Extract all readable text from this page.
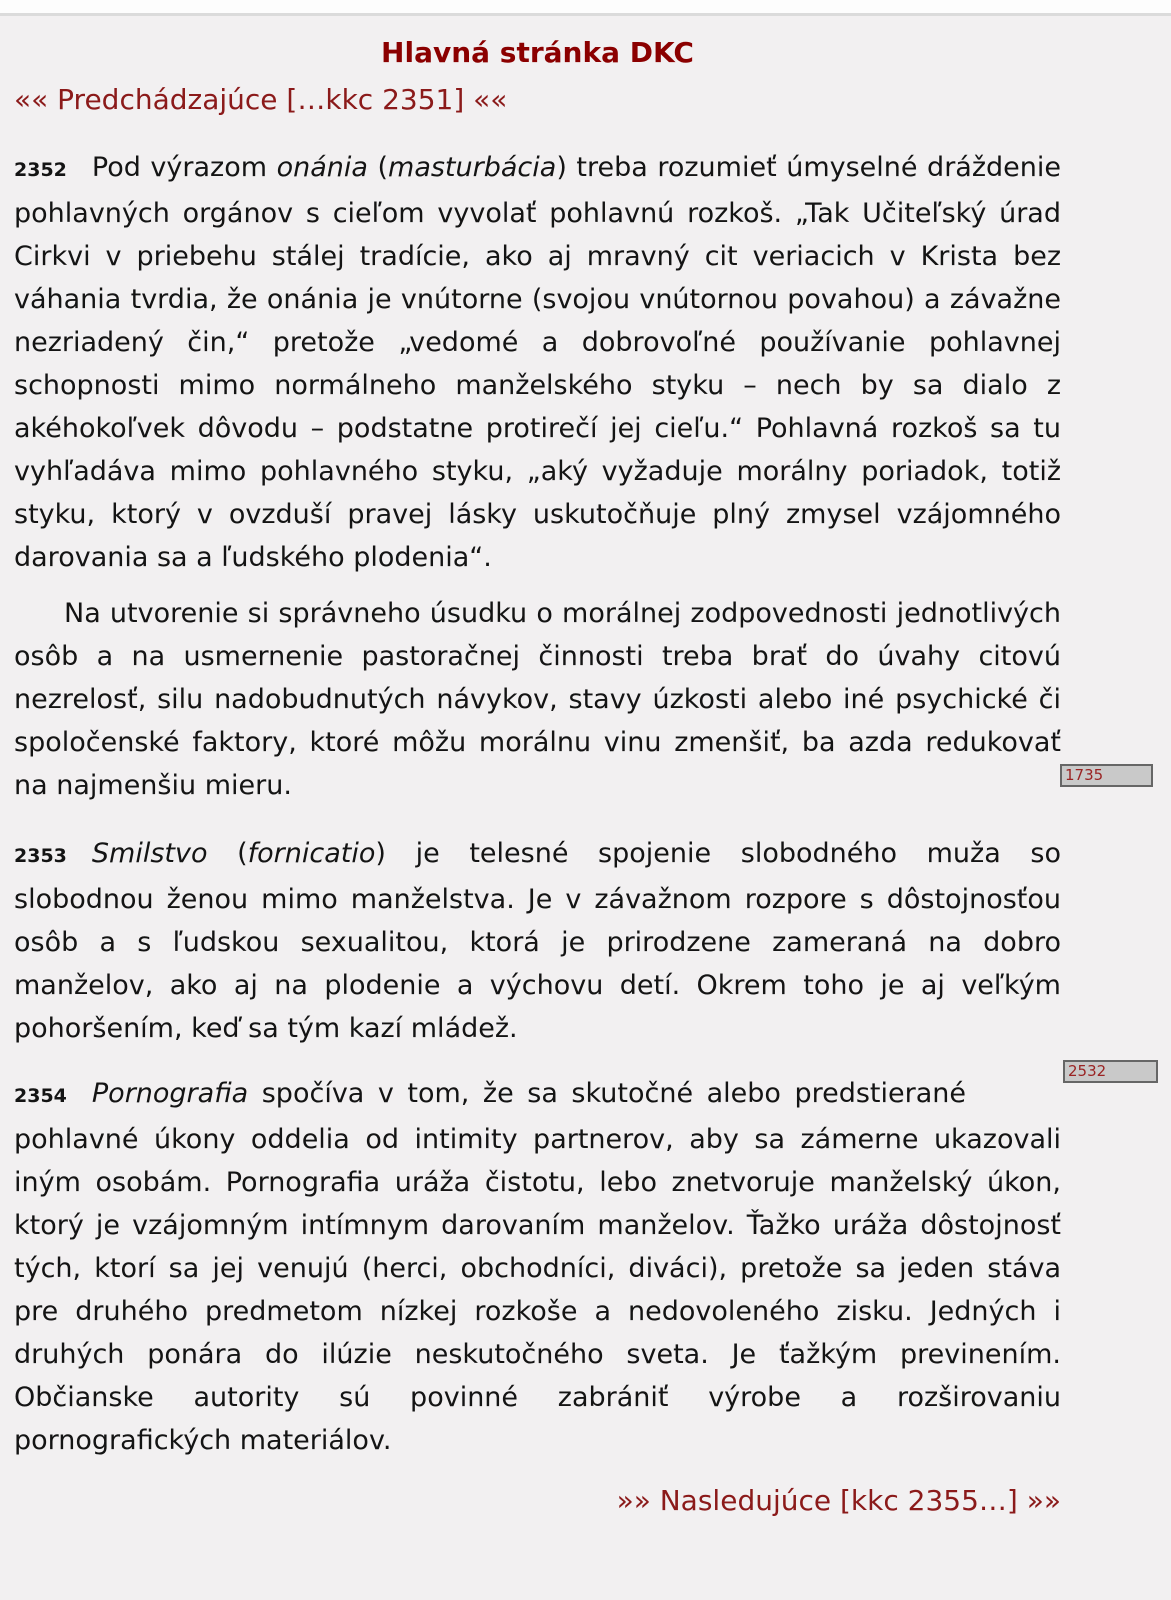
Hlavná stránka DKC
«« Predchádzajúce […kkc 2351] ««

2352 Pod výrazom onánia (masturbácia) treba rozumieť úmyselné dráždenie pohlavných orgánov s cieľom vyvolať pohlavnú rozkoš. „Tak Učiteľský úrad Cirkvi v priebehu stálej tradície, ako aj mravný cit veriacich v Krista bez váhania tvrdia, že onánia je vnútorne (svojou vnútornou povahou) a závažne nezriadený čin,“ pretože „vedomé a dobrovoľné používanie pohlavnej schopnosti mimo normálneho manželského styku – nech by sa dialo z akéhokoľvek dôvodu – podstatne protirečí jej cieľu.“ Pohlavná rozkoš sa tu vyhľadáva mimo pohlavného styku, „aký vyžaduje morálny poriadok, totiž styku, ktorý v ovzduší pravej lásky uskutočňuje plný zmysel vzájomného darovania sa a ľudského plodenia“.

Na utvorenie si správneho úsudku o morálnej zodpovednosti jednotlivých osôb a na usmernenie pastoračnej činnosti treba brať do úvahy citovú nezrelosť, silu nadobudnutých návykov, stavy úzkosti alebo iné psychické či spoločenské faktory, ktoré môžu morálnu vinu zmenšiť, ba azda redukovať na najmenšiu mieru.	1735

2353 Smilstvo (fornicatio) je telesné spojenie slobodného muža so slobodnou ženou mimo manželstva. Je v závažnom rozpore s dôstojnosťou osôb a s ľudskou sexualitou, ktorá je prirodzene zameraná na dobro manželov, ako aj na plodenie a výchovu detí. Okrem toho je aj veľkým pohoršením, keď sa tým kazí mládež.

2532
2354 Pornografia spočíva v tom, že sa skutočné alebo predstierané pohlavné úkony oddelia od intimity partnerov, aby sa zámerne ukazovali iným osobám. Pornografia uráža čistotu, lebo znetvoruje manželský úkon, ktorý je vzájomným intímnym darovaním manželov. Ťažko uráža dôstojnosť tých, ktorí sa jej venujú (herci, obchodníci, diváci), pretože sa jeden stáva pre druhého predmetom nízkej rozkoše a nedovoleného zisku. Jedných i druhých ponára do ilúzie neskutočného sveta. Je ťažkým previnením. Občianske autority sú povinné zabrániť výrobe a rozširovaniu pornografických materiálov.

»» Nasledujúce [kkc 2355…] »»
